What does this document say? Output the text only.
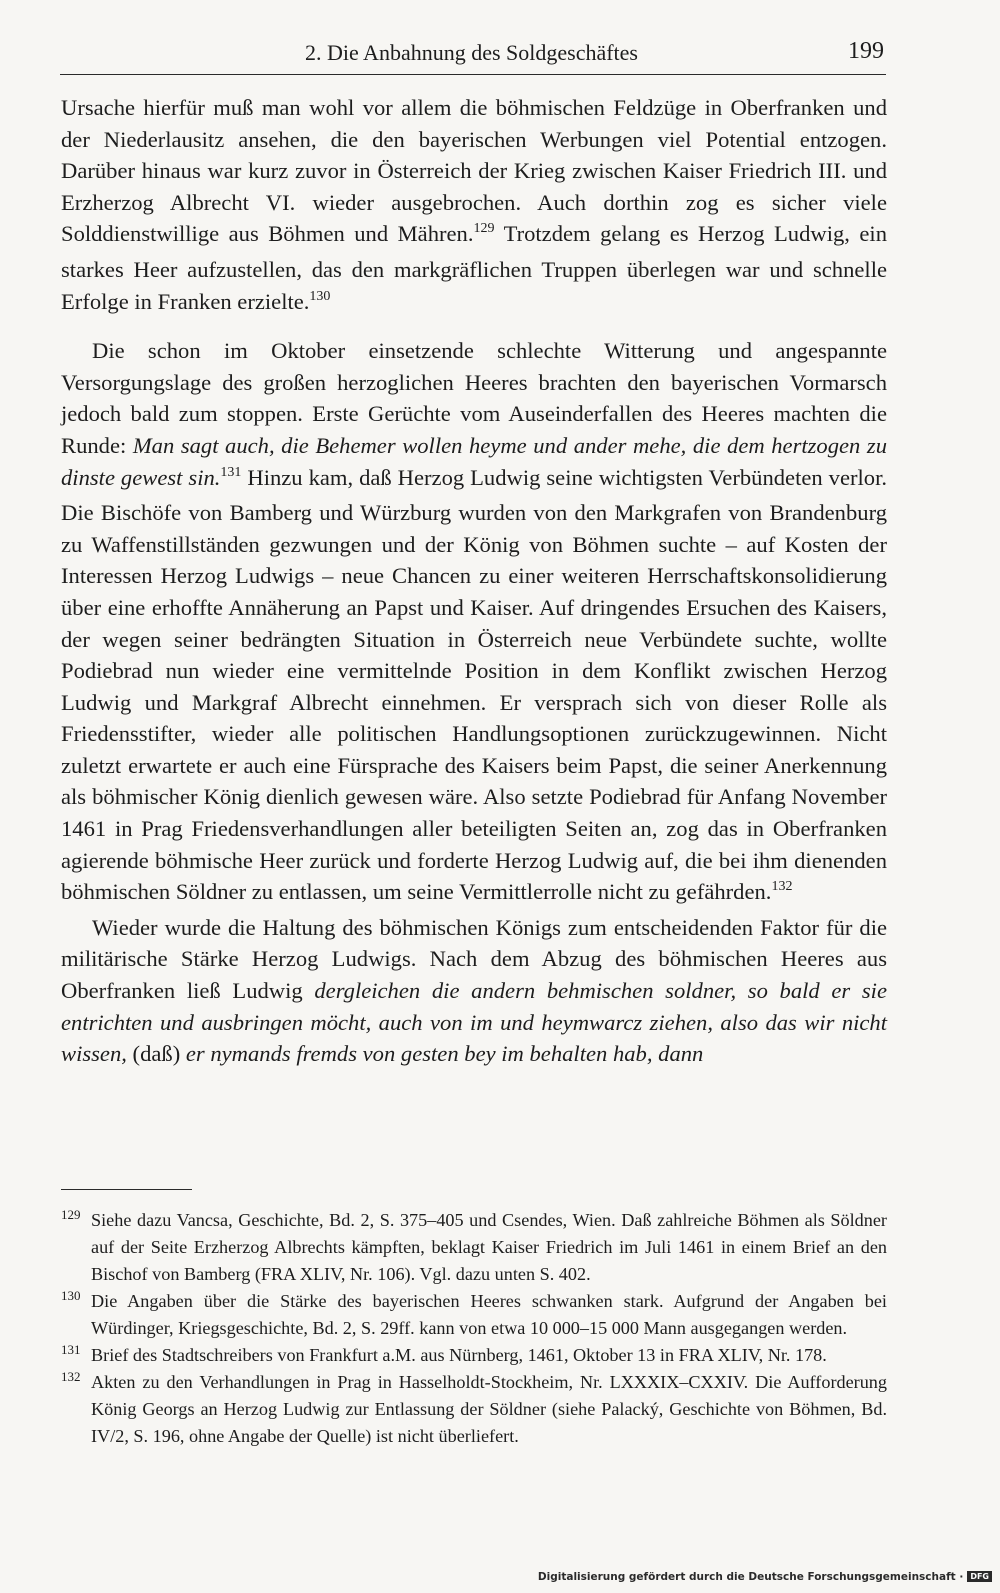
2. Die Anbahnung des Soldgeschäftes	199

Ursache hierfür muß man wohl vor allem die böhmischen Feldzüge in Oberfranken und der Niederlausitz ansehen, die den bayerischen Werbungen viel Potential entzogen. Darüber hinaus war kurz zuvor in Österreich der Krieg zwischen Kaiser Friedrich III. und Erzherzog Albrecht VI. wieder ausgebrochen. Auch dorthin zog es sicher viele Solddienstwillige aus Böhmen und Mähren.$^{129}$ Trotzdem gelang es Herzog Ludwig, ein starkes Heer aufzustellen, das den markgräflichen Truppen überlegen war und schnelle Erfolge in Franken erzielte.$^{130}$

Die schon im Oktober einsetzende schlechte Witterung und angespannte Versorgungslage des großen herzoglichen Heeres brachten den bayerischen Vormarsch jedoch bald zum stoppen. Erste Gerüchte vom Auseinderfallen des Heeres machten die Runde: Man sagt auch, die Behemer wollen heyme und ander mehe, die dem hertzogen zu dinste gewest sin.$^{131}$ Hinzu kam, daß Herzog Ludwig seine wichtigsten Verbündeten verlor. Die Bischöfe von Bamberg und Würzburg wurden von den Markgrafen von Brandenburg zu Waffenstillständen gezwungen und der König von Böhmen suchte – auf Kosten der Interessen Herzog Ludwigs – neue Chancen zu einer weiteren Herrschaftskonsolidierung über eine erhoffte Annäherung an Papst und Kaiser. Auf dringendes Ersuchen des Kaisers, der wegen seiner bedrängten Situation in Österreich neue Verbündete suchte, wollte Podiebrad nun wieder eine vermittelnde Position in dem Konflikt zwischen Herzog Ludwig und Markgraf Albrecht einnehmen. Er versprach sich von dieser Rolle als Friedensstifter, wieder alle politischen Handlungsoptionen zurückzugewinnen. Nicht zuletzt erwartete er auch eine Fürsprache des Kaisers beim Papst, die seiner Anerkennung als böhmischer König dienlich gewesen wäre. Also setzte Podiebrad für Anfang November 1461 in Prag Friedensverhandlungen aller beteiligten Seiten an, zog das in Oberfranken agierende böhmische Heer zurück und forderte Herzog Ludwig auf, die bei ihm dienenden böhmischen Söldner zu entlassen, um seine Vermittlerrolle nicht zu gefährden.$^{132}$

Wieder wurde die Haltung des böhmischen Königs zum entscheidenden Faktor für die militärische Stärke Herzog Ludwigs. Nach dem Abzug des böhmischen Heeres aus Oberfranken ließ Ludwig dergleichen die andern behmischen soldner, so bald er sie entrichten und ausbringen möcht, auch von im und heymwarcz ziehen, also das wir nicht wissen, (daß) er nymands fremds von gesten bey im behalten hab, dann

129 Siehe dazu Vancsa, Geschichte, Bd. 2, S. 375–405 und Csendes, Wien. Daß zahlreiche Böhmen als Söldner auf der Seite Erzherzog Albrechts kämpften, beklagt Kaiser Friedrich im Juli 1461 in einem Brief an den Bischof von Bamberg (FRA XLIV, Nr. 106). Vgl. dazu unten S. 402.
130 Die Angaben über die Stärke des bayerischen Heeres schwanken stark. Aufgrund der Angaben bei Würdinger, Kriegsgeschichte, Bd. 2, S. 29ff. kann von etwa 10 000–15 000 Mann ausgegangen werden.
131 Brief des Stadtschreibers von Frankfurt a.M. aus Nürnberg, 1461, Oktober 13 in FRA XLIV, Nr. 178.
132 Akten zu den Verhandlungen in Prag in Hasselholdt-Stockheim, Nr. LXXXIX–CXXIV. Die Aufforderung König Georgs an Herzog Ludwig zur Entlassung der Söldner (siehe Palacký, Geschichte von Böhmen, Bd. IV/2, S. 196, ohne Angabe der Quelle) ist nicht überliefert.
Digitalisierung gefördert durch die Deutsche Forschungsgemeinschaft · DFG
